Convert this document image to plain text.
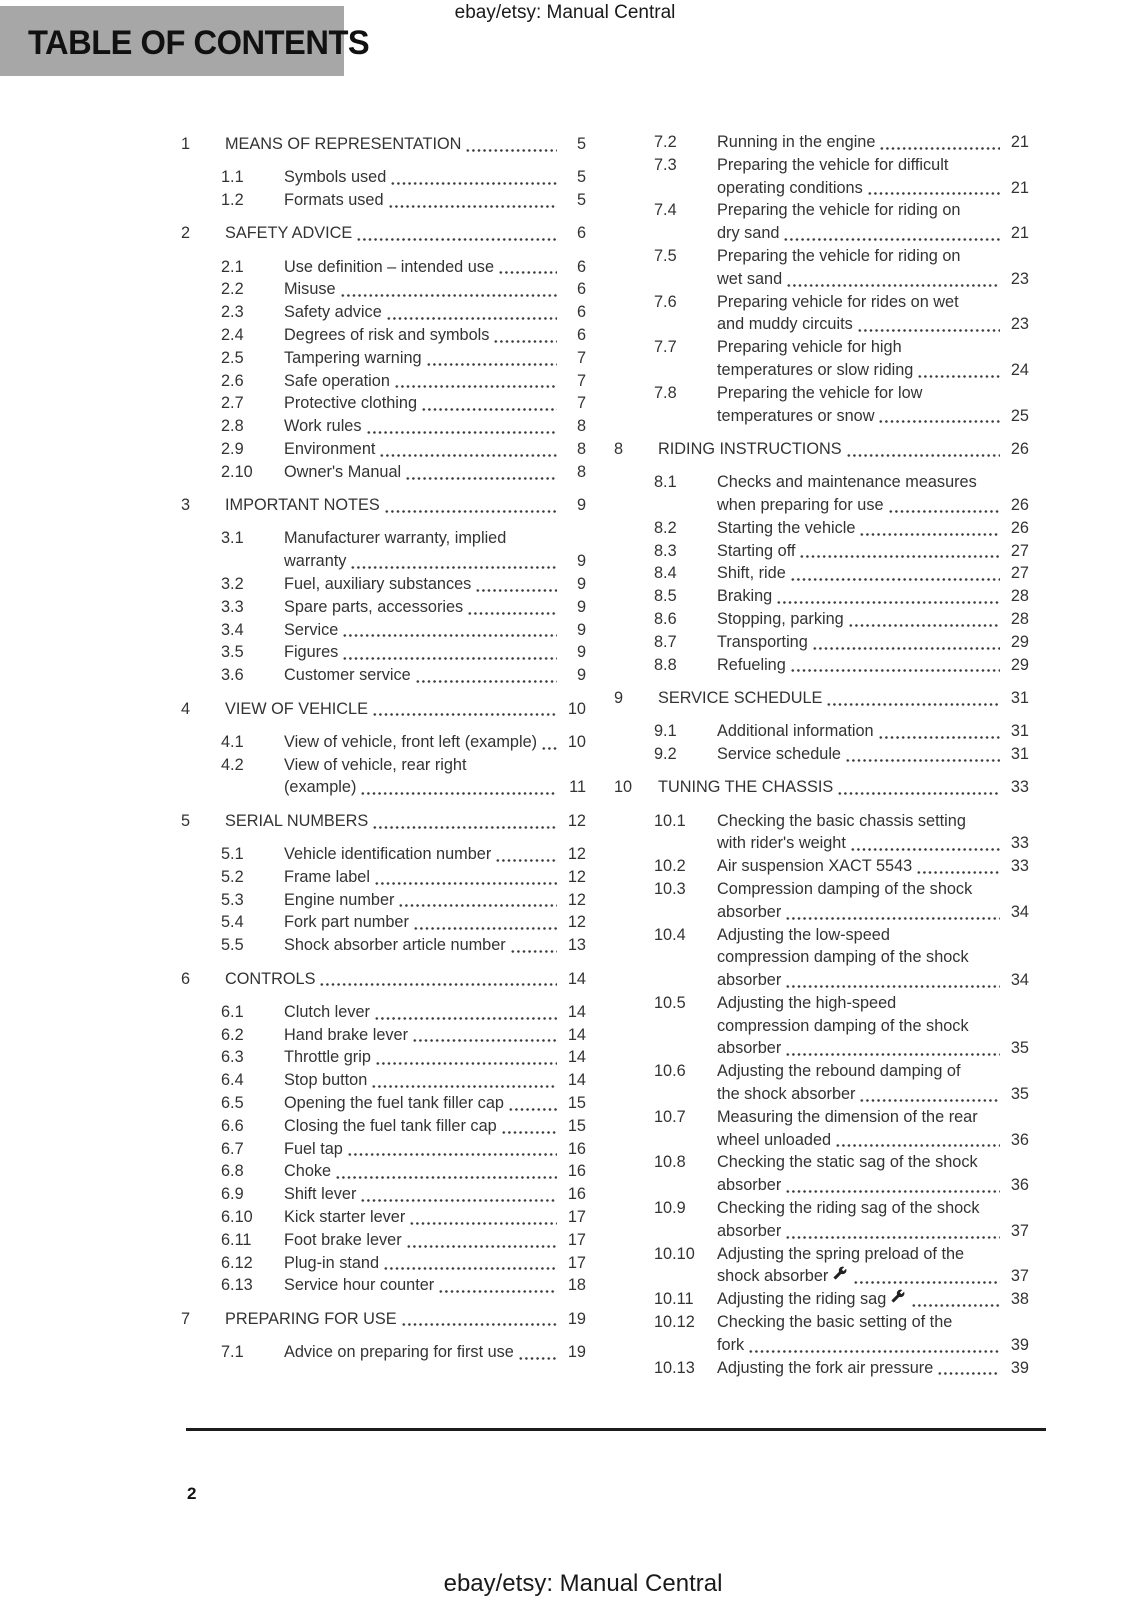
ebay/etsy: Manual Central
TABLE OF CONTENTS
1	MEANS OF REPRESENTATION	5
1.1	Symbols used	5
1.2	Formats used	5
2	SAFETY ADVICE	6
2.1	Use definition – intended use	6
2.2	Misuse	6
2.3	Safety advice	6
2.4	Degrees of risk and symbols	6
2.5	Tampering warning	7
2.6	Safe operation	7
2.7	Protective clothing	7
2.8	Work rules	8
2.9	Environment	8
2.10	Owner's Manual	8
3	IMPORTANT NOTES	9
3.1	Manufacturer warranty, implied
warranty	9
3.2	Fuel, auxiliary substances	9
3.3	Spare parts, accessories	9
3.4	Service	9
3.5	Figures	9
3.6	Customer service	9
4	VIEW OF VEHICLE	10
4.1	View of vehicle, front left (example)	10
4.2	View of vehicle, rear right
(example)	11
5	SERIAL NUMBERS	12
5.1	Vehicle identification number	12
5.2	Frame label	12
5.3	Engine number	12
5.4	Fork part number	12
5.5	Shock absorber article number	13
6	CONTROLS	14
6.1	Clutch lever	14
6.2	Hand brake lever	14
6.3	Throttle grip	14
6.4	Stop button	14
6.5	Opening the fuel tank filler cap	15
6.6	Closing the fuel tank filler cap	15
6.7	Fuel tap	16
6.8	Choke	16
6.9	Shift lever	16
6.10	Kick starter lever	17
6.11	Foot brake lever	17
6.12	Plug-in stand	17
6.13	Service hour counter	18
7	PREPARING FOR USE	19
7.1	Advice on preparing for first use	19
7.2	Running in the engine	21
7.3	Preparing the vehicle for difficult
operating conditions	21
7.4	Preparing the vehicle for riding on
dry sand	21
7.5	Preparing the vehicle for riding on
wet sand	23
7.6	Preparing vehicle for rides on wet
and muddy circuits	23
7.7	Preparing vehicle for high
temperatures or slow riding	24
7.8	Preparing the vehicle for low
temperatures or snow	25
8	RIDING INSTRUCTIONS	26
8.1	Checks and maintenance measures
when preparing for use	26
8.2	Starting the vehicle	26
8.3	Starting off	27
8.4	Shift, ride	27
8.5	Braking	28
8.6	Stopping, parking	28
8.7	Transporting	29
8.8	Refueling	29
9	SERVICE SCHEDULE	31
9.1	Additional information	31
9.2	Service schedule	31
10	TUNING THE CHASSIS	33
10.1	Checking the basic chassis setting
with rider's weight	33
10.2	Air suspension XACT 5543	33
10.3	Compression damping of the shock
absorber	34
10.4	Adjusting the low-speed
compression damping of the shock
absorber	34
10.5	Adjusting the high-speed
compression damping of the shock
absorber	35
10.6	Adjusting the rebound damping of
the shock absorber	35
10.7	Measuring the dimension of the rear
wheel unloaded	36
10.8	Checking the static sag of the shock
absorber	36
10.9	Checking the riding sag of the shock
absorber	37
10.10	Adjusting the spring preload of the
shock absorber	37
10.11	Adjusting the riding sag	38
10.12	Checking the basic setting of the
fork	39
10.13	Adjusting the fork air pressure	39
2
ebay/etsy: Manual Central
